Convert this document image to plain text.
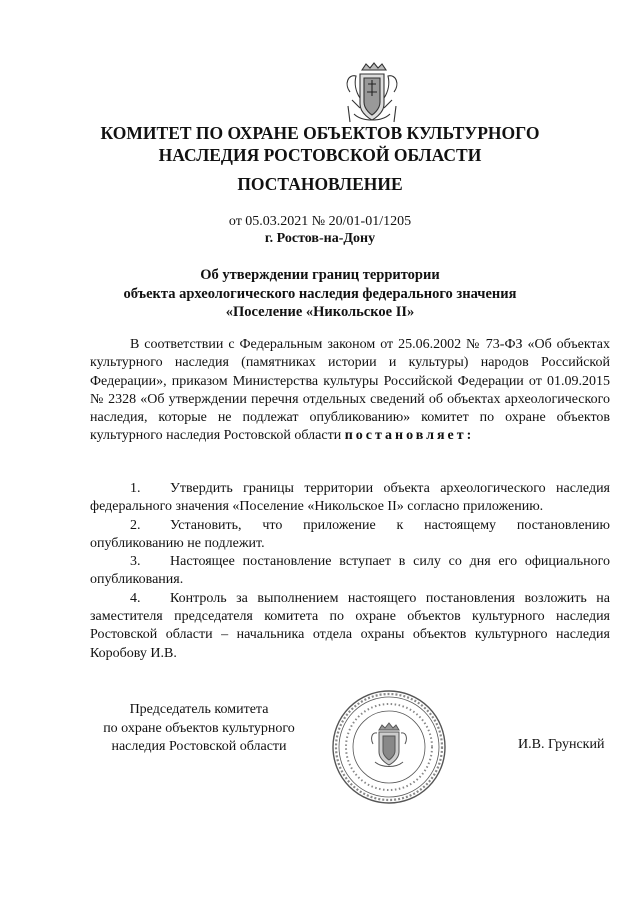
КОМИТЕТ ПО ОХРАНЕ ОБЪЕКТОВ КУЛЬТУРНОГО
НАСЛЕДИЯ РОСТОВСКОЙ ОБЛАСТИ
ПОСТАНОВЛЕНИЕ
от 05.03.2021 № 20/01-01/1205
г. Ростов-на-Дону
Об утверждении границ территории
объекта археологического наследия федерального значения
«Поселение «Никольское II»
В соответствии с Федеральным законом от 25.06.2002 № 73-ФЗ «Об объектах культурного наследия (памятниках истории и культуры) народов Российской Федерации», приказом Министерства культуры Российской Федерации от 01.09.2015 № 2328 «Об утверждении перечня отдельных сведений об объектах археологического наследия, которые не подлежат опубликованию» комитет по охране объектов культурного наследия Ростовской области постановляет:
1. Утвердить границы территории объекта археологического наследия федерального значения «Поселение «Никольское II» согласно приложению.
2. Установить, что приложение к настоящему постановлению опубликованию не подлежит.
3. Настоящее постановление вступает в силу со дня его официального опубликования.
4. Контроль за выполнением настоящего постановления возложить на заместителя председателя комитета по охране объектов культурного наследия Ростовской области – начальника отдела охраны объектов культурного наследия Коробову И.В.
Председатель комитета
по охране объектов культурного
наследия Ростовской области	И.В. Грунский
